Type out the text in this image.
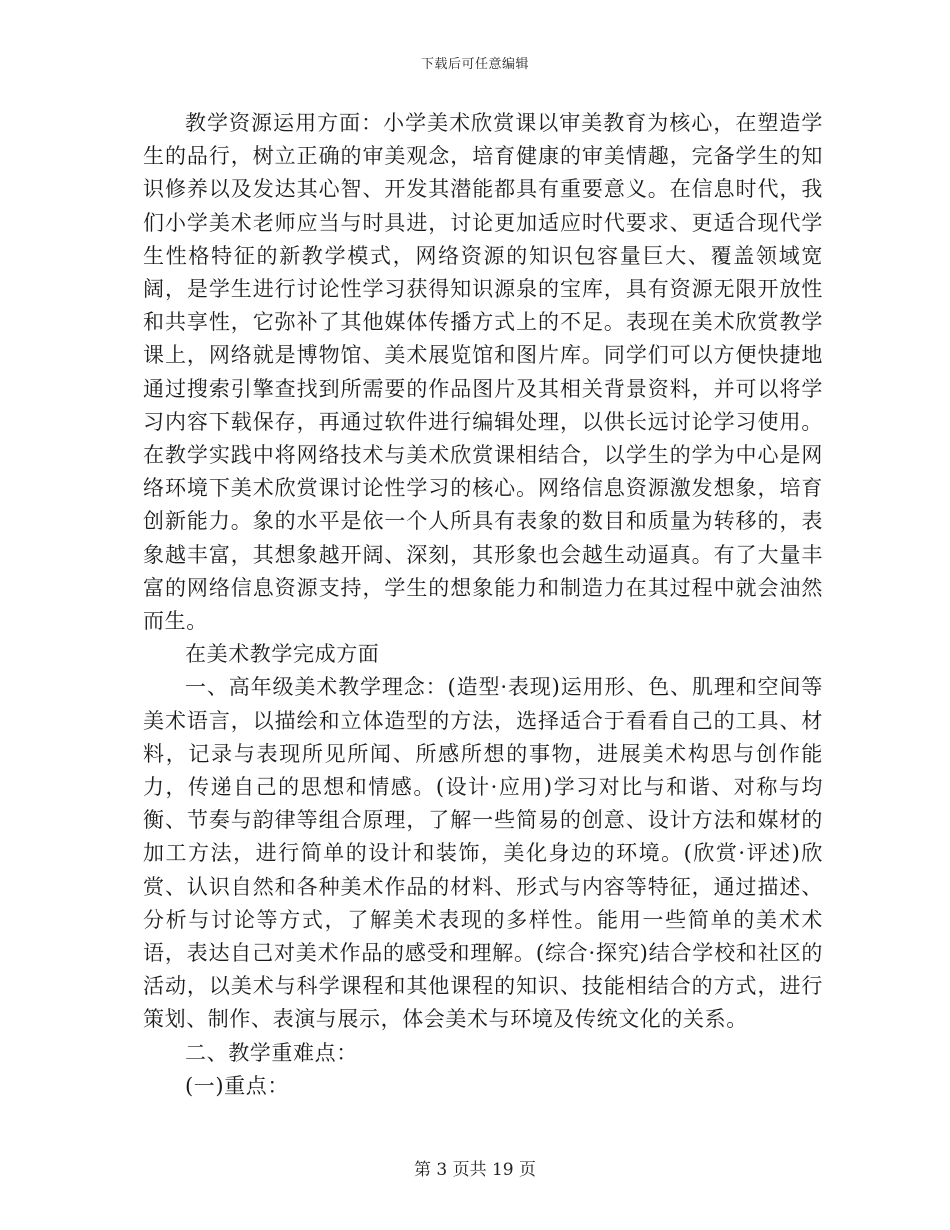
下载后可任意编辑

教学资源运用方面：小学美术欣赏课以审美教育为核心，在塑造学生的品行，树立正确的审美观念，培育健康的审美情趣，完备学生的知识修养以及发达其心智、开发其潜能都具有重要意义。在信息时代，我们小学美术老师应当与时具进，讨论更加适应时代要求、更适合现代学生性格特征的新教学模式，网络资源的知识包容量巨大、覆盖领域宽阔，是学生进行讨论性学习获得知识源泉的宝库，具有资源无限开放性和共享性，它弥补了其他媒体传播方式上的不足。表现在美术欣赏教学课上，网络就是博物馆、美术展览馆和图片库。同学们可以方便快捷地通过搜索引擎查找到所需要的作品图片及其相关背景资料，并可以将学习内容下载保存，再通过软件进行编辑处理，以供长远讨论学习使用。在教学实践中将网络技术与美术欣赏课相结合，以学生的学为中心是网络环境下美术欣赏课讨论性学习的核心。网络信息资源激发想象，培育创新能力。象的水平是依一个人所具有表象的数目和质量为转移的，表象越丰富，其想象越开阔、深刻，其形象也会越生动逼真。有了大量丰富的网络信息资源支持，学生的想象能力和制造力在其过程中就会油然而生。

在美术教学完成方面

一、高年级美术教学理念：(造型·表现)运用形、色、肌理和空间等美术语言，以描绘和立体造型的方法，选择适合于看看自己的工具、材料，记录与表现所见所闻、所感所想的事物，进展美术构思与创作能力，传递自己的思想和情感。(设计·应用)学习对比与和谐、对称与均衡、节奏与韵律等组合原理，了解一些简易的创意、设计方法和媒材的加工方法，进行简单的设计和装饰，美化身边的环境。(欣赏·评述)欣赏、认识自然和各种美术作品的材料、形式与内容等特征，通过描述、分析与讨论等方式，了解美术表现的多样性。能用一些简单的美术术语，表达自己对美术作品的感受和理解。(综合·探究)结合学校和社区的活动，以美术与科学课程和其他课程的知识、技能相结合的方式，进行策划、制作、表演与展示，体会美术与环境及传统文化的关系。

二、教学重难点：

(一)重点：

第 3 页共 19 页
